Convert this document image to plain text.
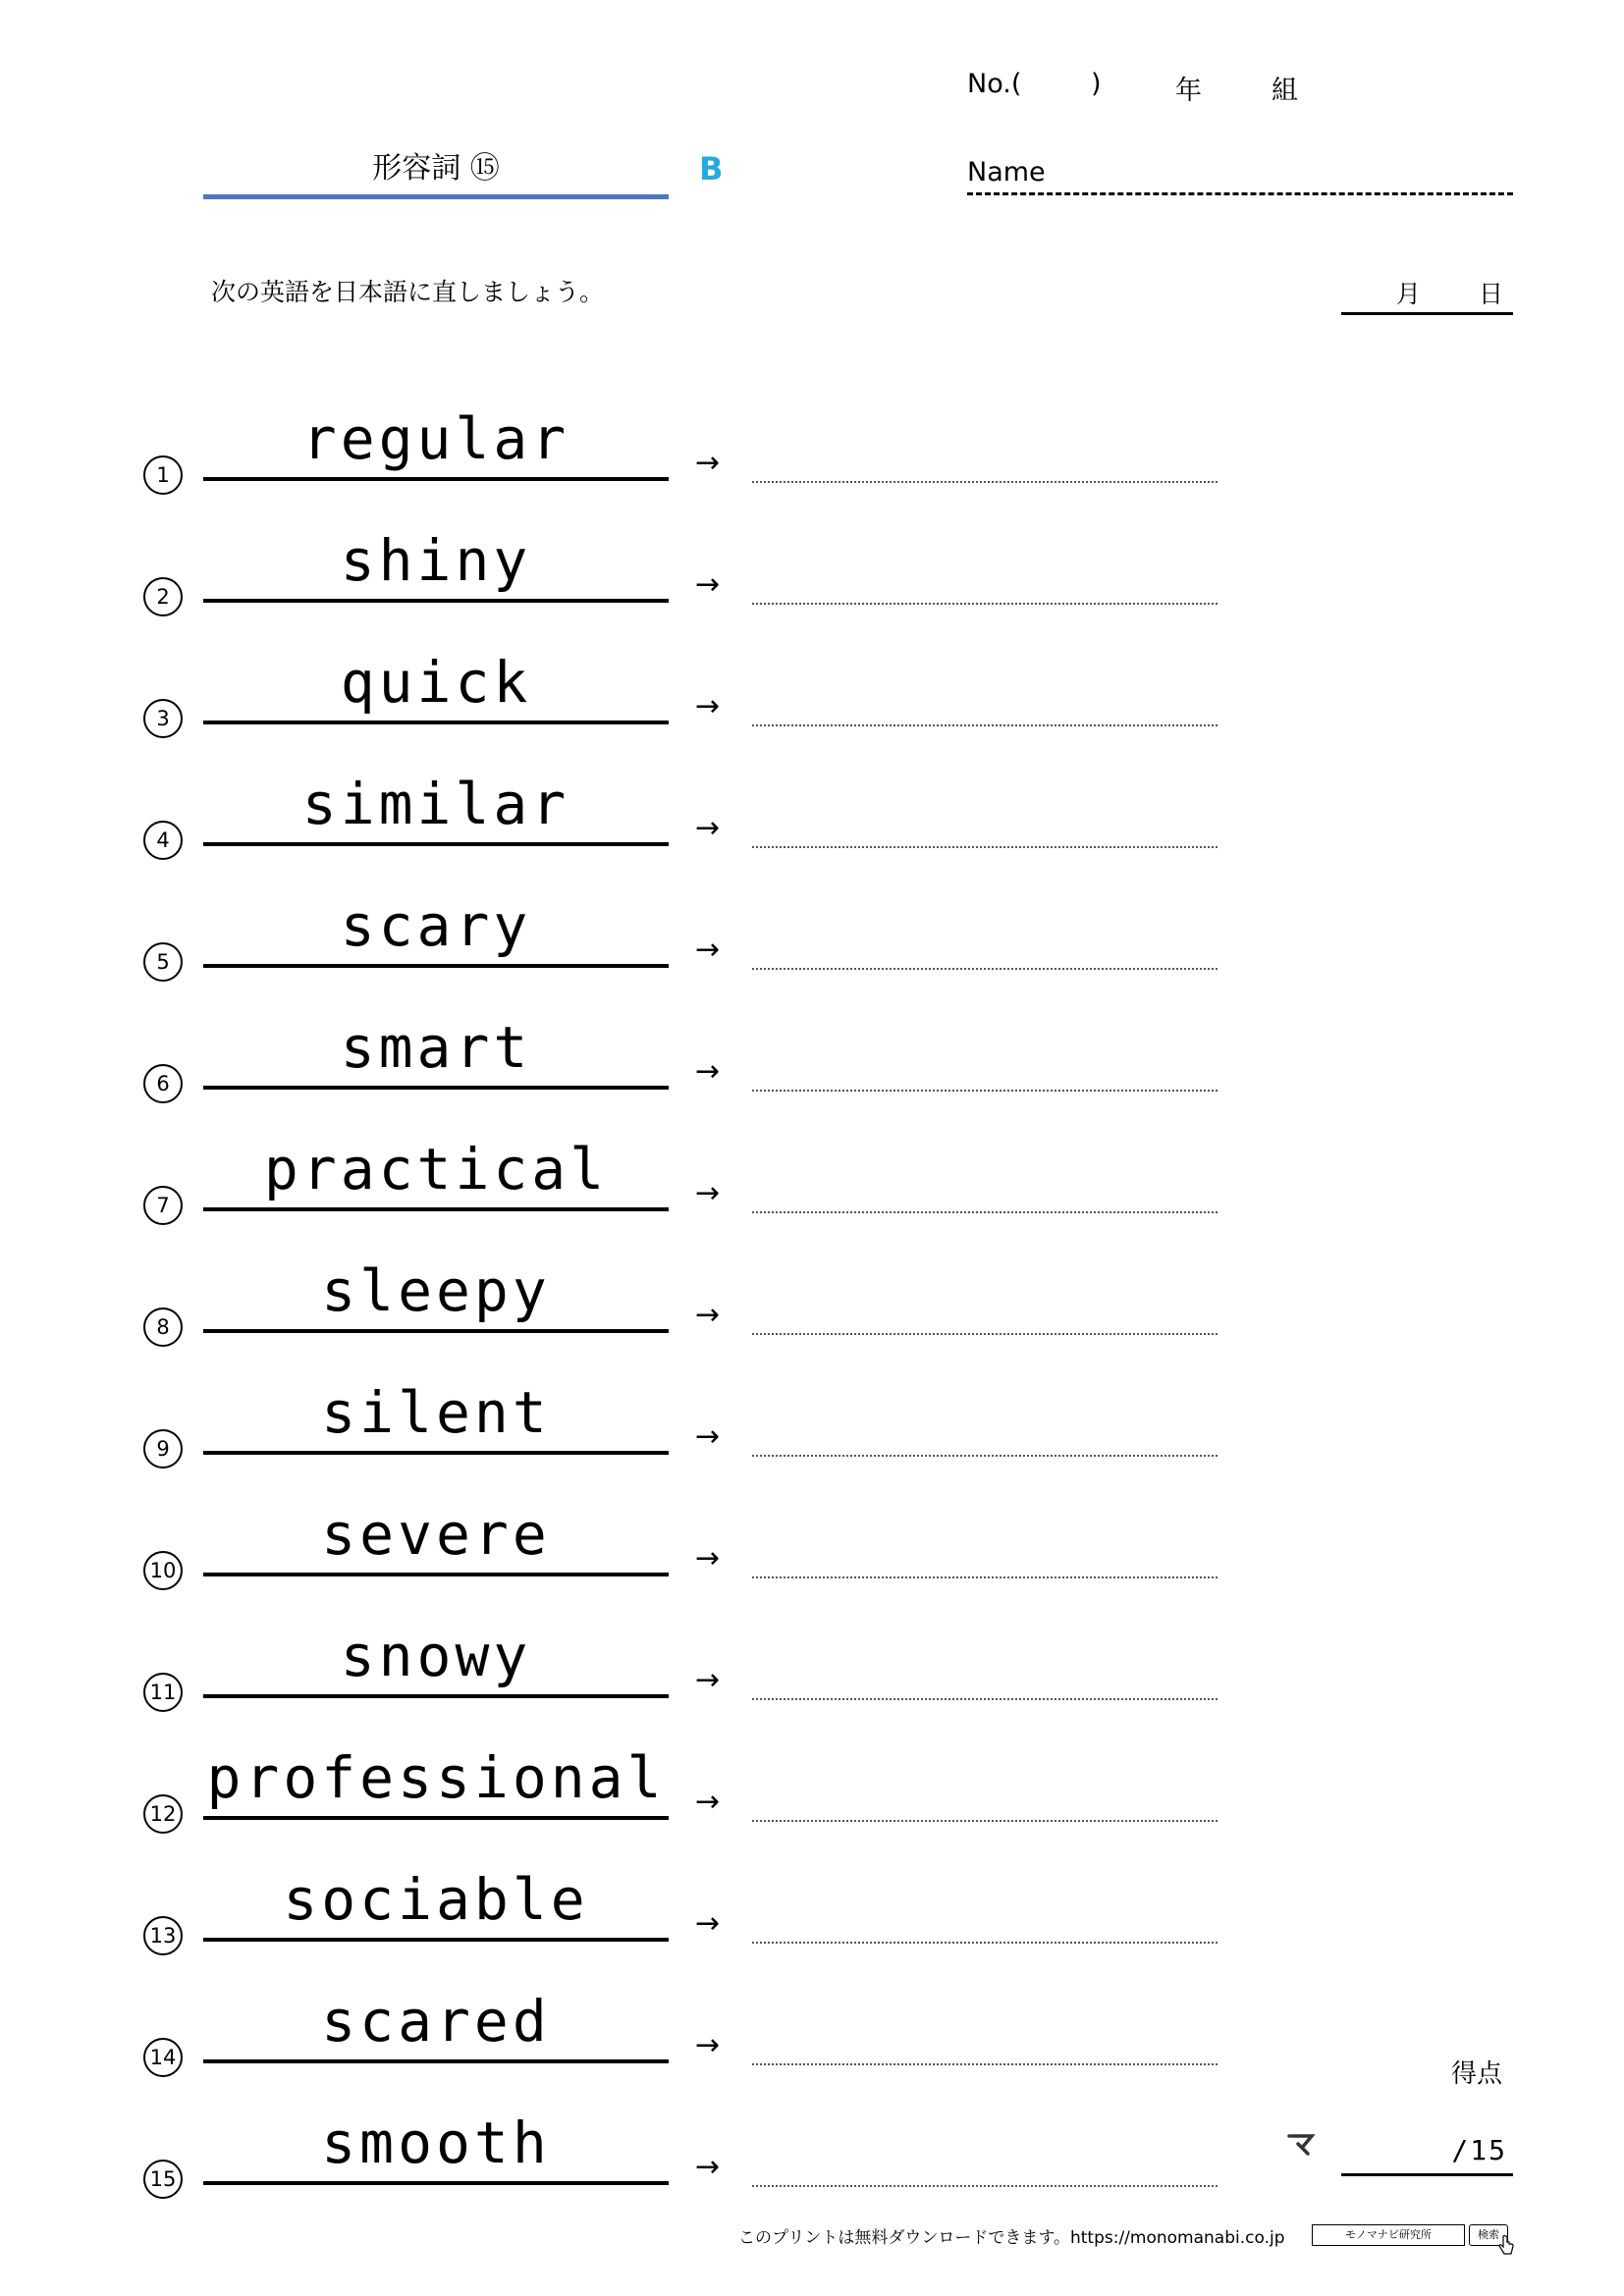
No.(	)	年	組
形容詞 ⑮	B	Name
次の英語を日本語に直しましょう。	月 日
1
regular	→
2
shiny	→
3
quick	→
4
similar	→
5
scary	→
6
smart	→
7
practical	→
8
sleepy	→
9
silent	→
10
severe	→
11
snowy	→
12
professional →
13
sociable	→
14
scared	→
15
smooth	→
得点
/15
このプリントは無料ダウンロードできます。https://monomanabi.co.jp	モノマナビ研究所	検索
